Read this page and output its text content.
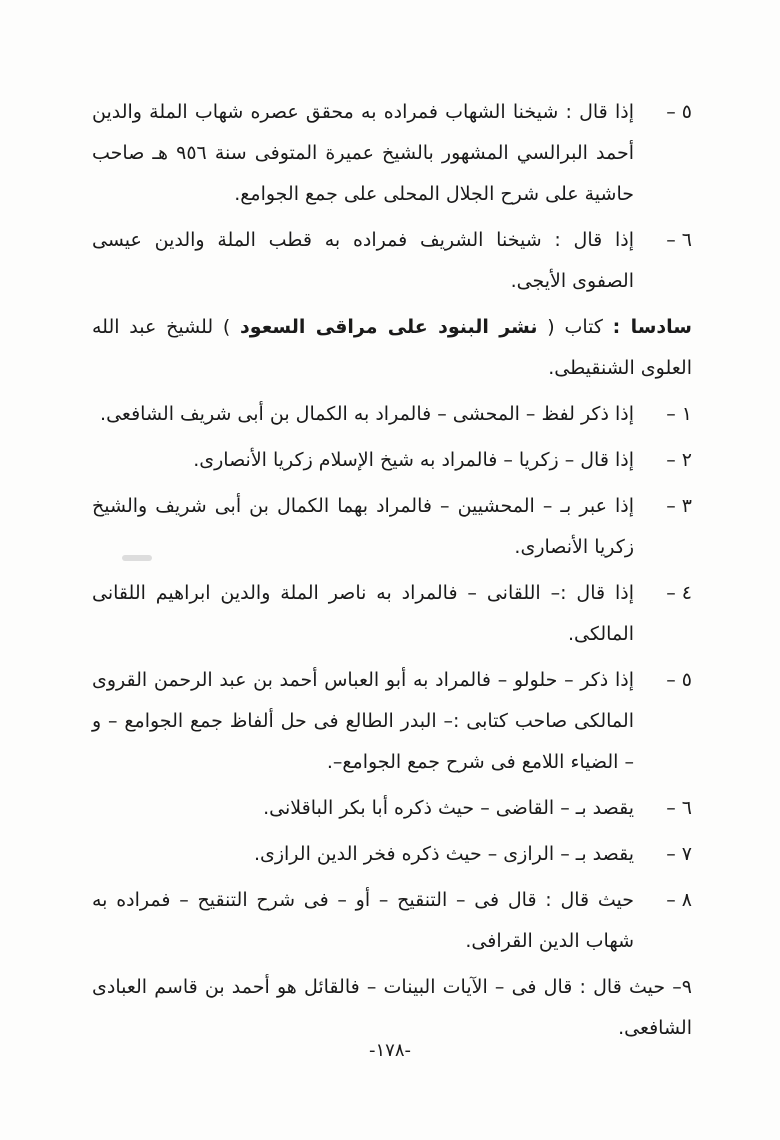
٥ –
إذا قال : شيخنا الشهاب فمراده به محقق عصره شهاب الملة والدين أحمد البرالسي المشهور بالشيخ عميرة المتوفى سنة ٩٥٦ هـ صاحب حاشية على شرح الجلال المحلى على جمع الجوامع.
٦ –
إذا قال : شيخنا الشريف فمراده به قطب الملة والدين عيسى الصفوى الأيجى.
سادسا : كتاب ( نشر البنود على مراقى السعود ) للشيخ عبد الله العلوى الشنقيطى.
١ –
إذا ذكر لفظ – المحشى – فالمراد به الكمال بن أبى شريف الشافعى.
٢ –
إذا قال – زكريا – فالمراد به شيخ الإسلام زكريا الأنصارى.
٣ –
إذا عبر بـ – المحشيين – فالمراد بهما الكمال بن أبى شريف والشيخ زكريا الأنصارى.
٤ –
إذا قال :– اللقانى – فالمراد به ناصر الملة والدين ابراهيم اللقانى المالكى.
٥ –
إذا ذكر – حلولو – فالمراد به أبو العباس أحمد بن عبد الرحمن القروى المالكى صاحب كتابى :– البدر الطالع فى حل ألفاظ جمع الجوامع – و – الضياء اللامع فى شرح جمع الجوامع–.
٦ –
يقصد بـ – القاضى – حيث ذكره أبا بكر الباقلانى.
٧ –
يقصد بـ – الرازى – حيث ذكره فخر الدين الرازى.
٨ –
حيث قال : قال فى – التنقيح – أو – فى شرح التنقيح – فمراده به شهاب الدين القرافى.
٩– حيث قال : قال فى – الآيات البينات – فالقائل هو أحمد بن قاسم العبادى الشافعى.
-١٧٨-
